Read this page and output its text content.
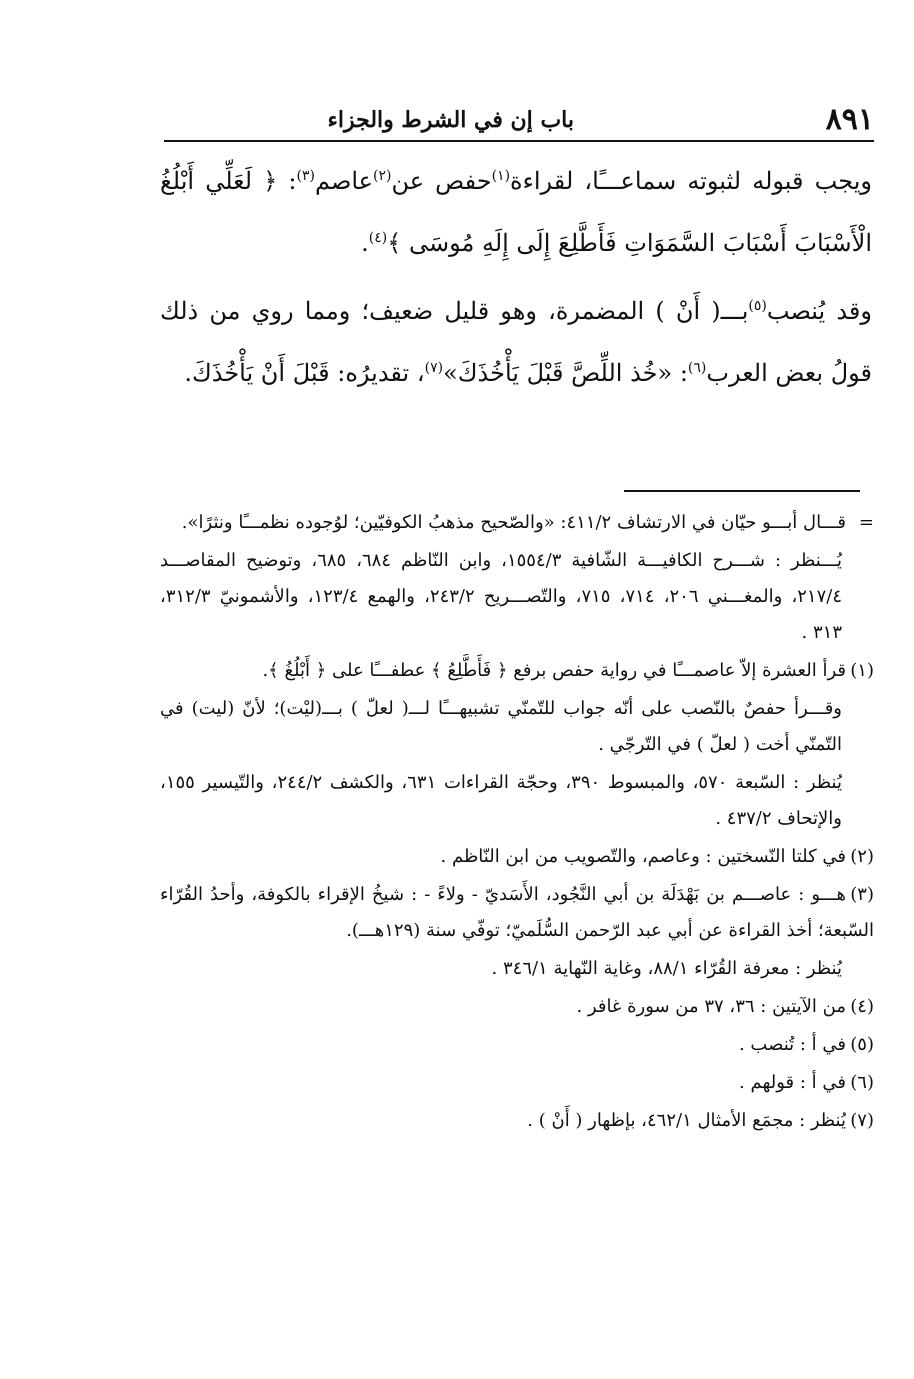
٨٩١
باب إن في الشرط والجزاء

ويجب قبوله لثبوته سماعـــًا، لقراءة$^{(١)}$حفص عن$^{(٢)}$عاصم$^{(٣)}$: ﴿ لَعَلِّي أَبْلُغُ الْأَسْبَابَ أَسْبَابَ السَّمَوَاتِ فَأَطَّلِعَ إِلَى إِلَهِ مُوسَى ﴾$^{(٤)}$.

وقد يُنصب$^{(٥)}$بـــ( أَنْ ) المضمرة، وهو قليل ضعيف؛ ومما روي من ذلك قولُ بعض العرب$^{(٦)}$: «خُذ اللِّصَّ قَبْلَ يَأْخُذَكَ»$^{(٧)}$، تقديرُه: قَبْلَ أَنْ يَأْخُذَكَ.

=قـــال أبـــو حيّان في الارتشاف ٤١١/٢: «والصّحيح مذهبُ الكوفيّين؛ لوُجوده نظمـــًا ونثرًا».

يُـــنظر : شـــرح الكافيـــة الشّافية ١٥٥٤/٣، وابن النّاظم ٦٨٤، ٦٨٥، وتوضيح المقاصـــد ٢١٧/٤، والمغـــني ٢٠٦، ٧١٤، ٧١٥، والتّصـــريح ٢٤٣/٢، والهمع ١٢٣/٤، والأشمونيّ ٣١٢/٣، ٣١٣ .

(١)قرأ العشرة إلاّ عاصمـــًا في رواية حفص برفع ﴿ فَأَطَّلِعُ ﴾ عطفـــًا على ﴿ أَبْلُغُ ﴾.

وقـــرأ حفصٌ بالنّصب على أنّه جواب للتّمنّي تشبيهـــًا لـــ( لعلّ ) بـــ(ليْت)؛ لأنّ (ليت) في التّمنّي أخت ( لعلّ ) في التّرجّي .

يُنظر : السّبعة ٥٧٠، والمبسوط ٣٩٠، وحجّة القراءات ٦٣١، والكشف ٢٤٤/٢، والتّيسير ١٥٥، والإتحاف ٤٣٧/٢ .

(٢)في كلتا النّسختين : وعاصم، والتّصويب من ابن النّاظم .

(٣)هـــو : عاصـــم بن بَهْدَلَة بن أبي النَّجُود، الأَسَديّ - ولاءً - : شيخُ الإقراء بالكوفة، وأحدُ القُرّاء السّبعة؛ أخذ القراءة عن أبي عبد الرّحمن السُّلَميّ؛ توفّي سنة (١٢٩هـــ).

يُنظر : معرفة القُرّاء ٨٨/١، وغاية النّهاية ٣٤٦/١ .

(٤)من الآيتين : ٣٦، ٣٧ من سورة غافر .

(٥)في أ : تُنصب .

(٦)في أ : قولهم .

(٧)يُنظر : مجمَع الأمثال ٤٦٢/١، بإظهار ( أَنْ ) .
